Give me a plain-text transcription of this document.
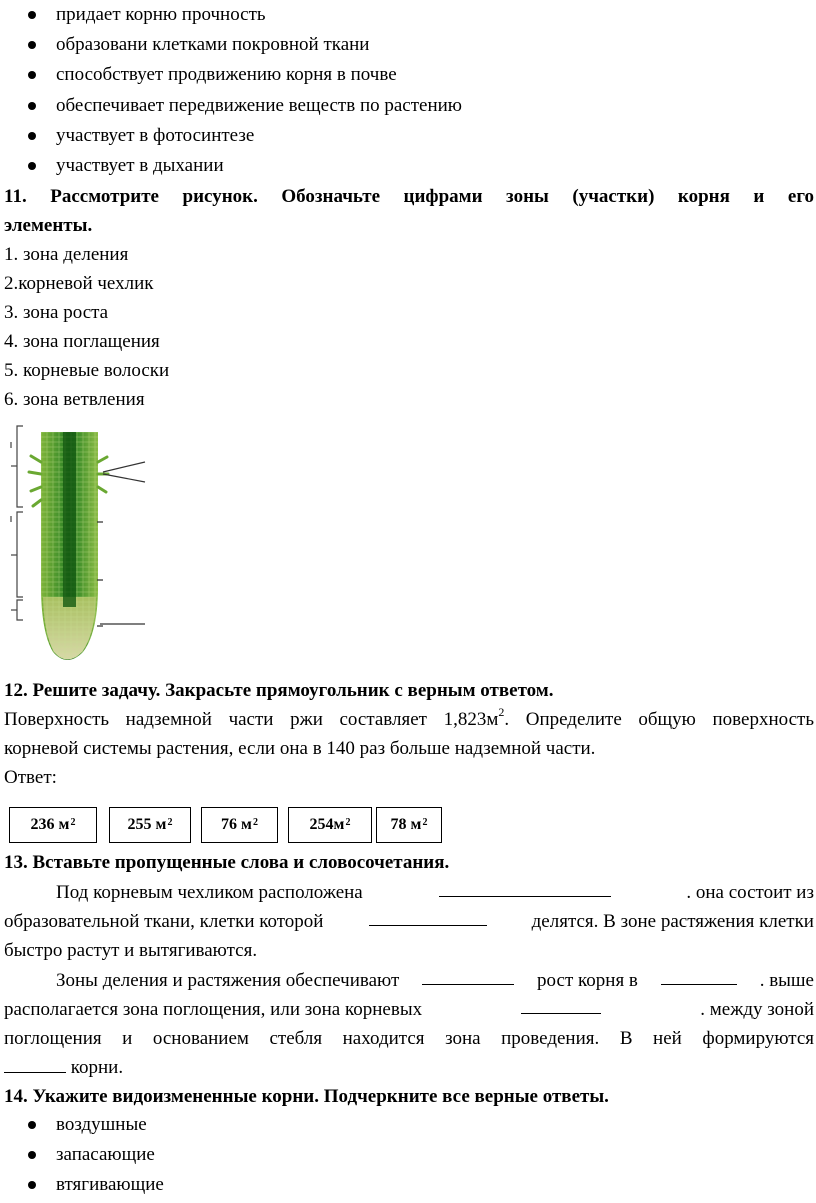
придает корню прочность
образовани клетками покровной ткани
способствует продвижению корня в почве
обеспечивает передвижение веществ по растению
участвует в фотосинтезе
участвует в дыхании
11. Рассмотрите рисунок. Обозначьте цифрами зоны (участки) корня и его
элементы.
1. зона деления
2.корневой чехлик
3. зона роста
4. зона поглащения
5. корневые волоски
6. зона ветвления
12. Решите задачу. Закрасьте прямоугольник с верным ответом.
Поверхность надземной части ржи составляет $1,823м^2$. Определите общую поверхность
корневой системы растения, если она в 140 раз больше надземной части.
Ответ:
236 $м^2$	255 $м^2$	76 $м^2$	$254м^2$	78 $м^2$
13. Вставьте пропущенные слова и словосочетания.
Под корневым чехликом расположена	. она состоит из
образовательной ткани, клетки которой	делятся. В зоне растяжения клетки
быстро растут и вытягиваются.
Зоны деления и растяжения обеспечивают	рост корня в	. выше
располагается зона поглощения, или зона корневых	. между зоной
поглощения и основанием стебля находится зона проведения. В ней формируются
корни.
14. Укажите видоизмененные корни. Подчеркните все верные ответы.
воздушные
запасающие
втягивающие
